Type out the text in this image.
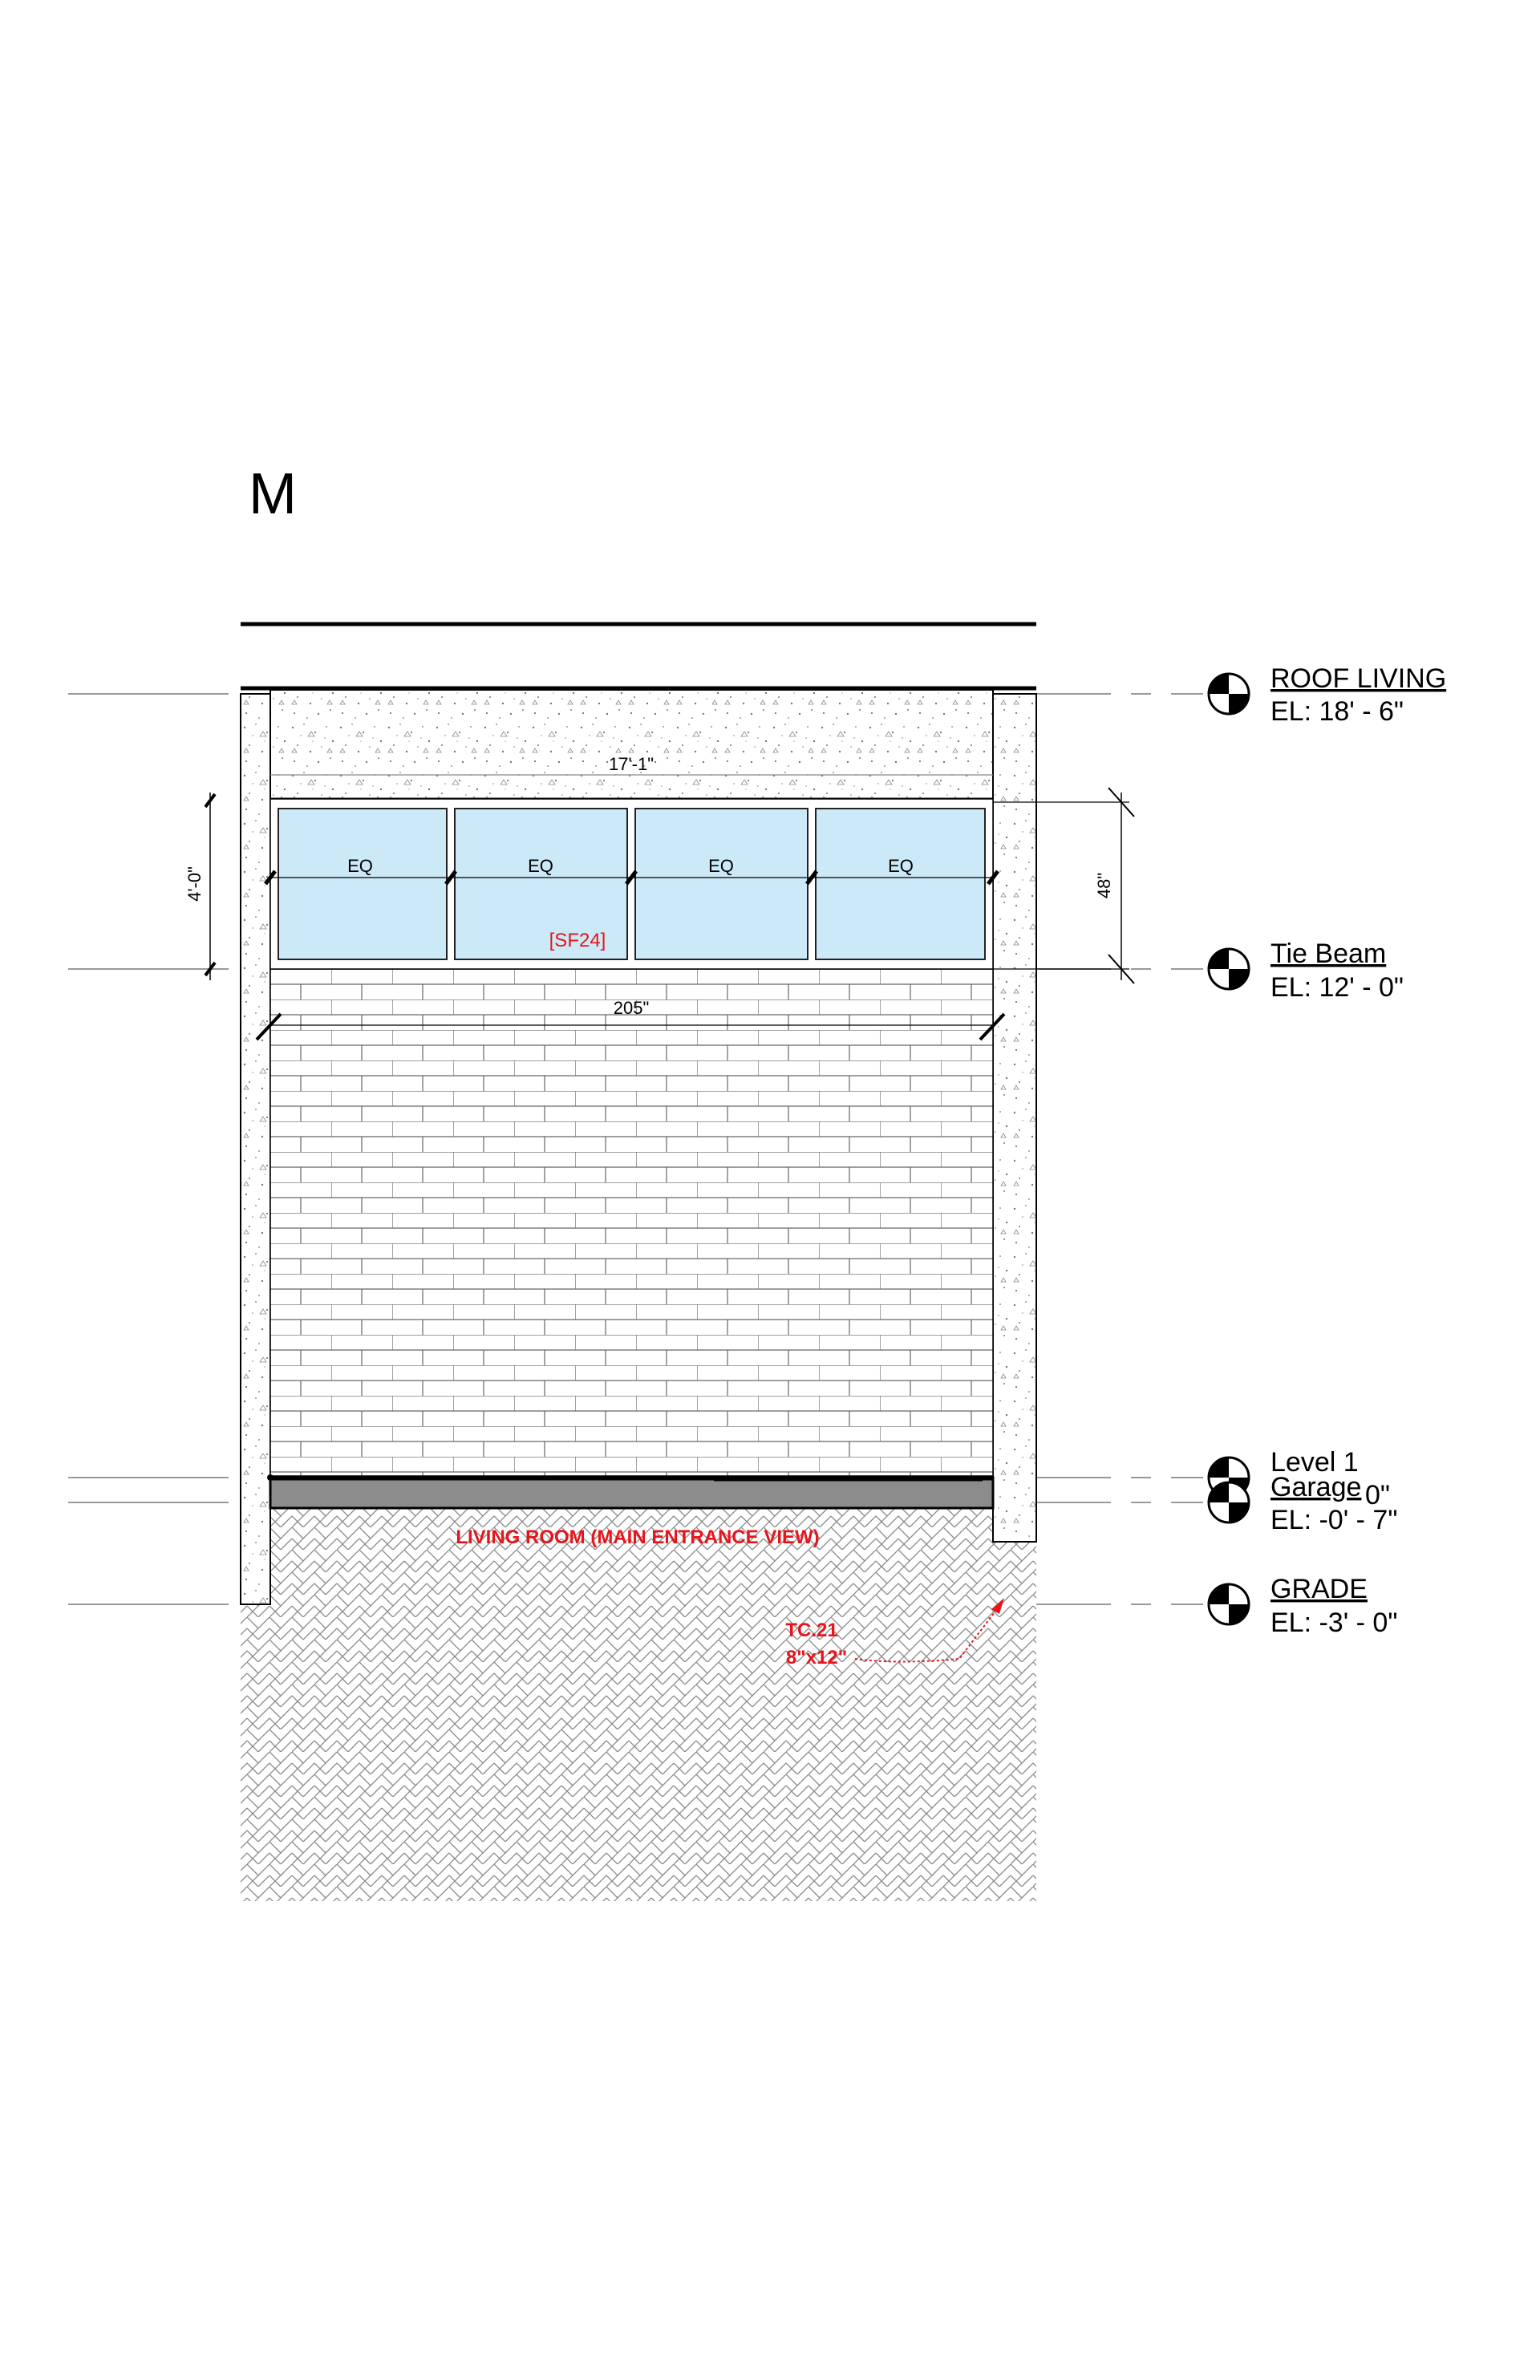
M
EQ	EQ	EQ	EQ
[SF24]
17'-1"
205"
4'-0"	48"
LIVING ROOM (MAIN ENTRANCE VIEW)
TC.21
8"x12"
ROOF LIVING
EL: 18' - 6"
Tie Beam
EL: 12' - 0"
Level 1
Garage 0"
EL: -0' - 7"
GRADE
EL: -3' - 0"
